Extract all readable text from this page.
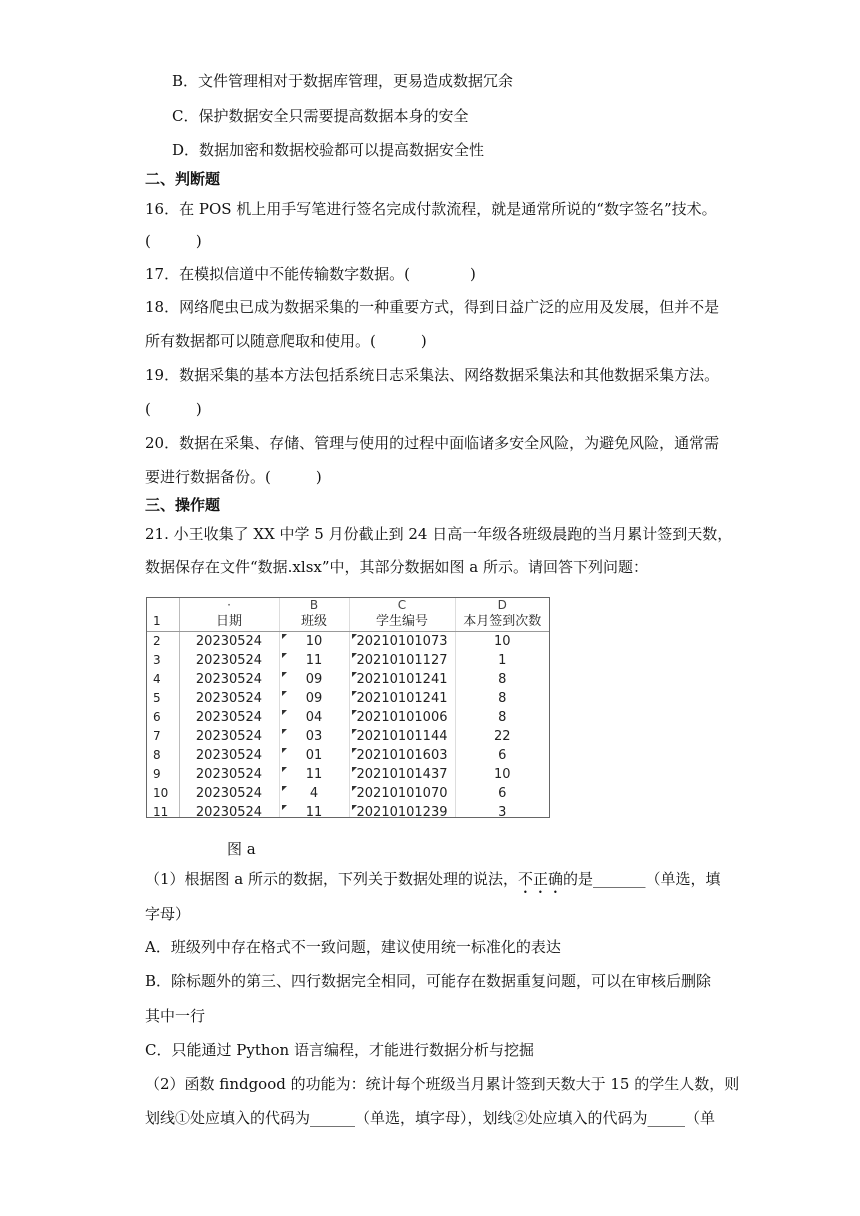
B．文件管理相对于数据库管理，更易造成数据冗余
C．保护数据安全只需要提高数据本身的安全
D．数据加密和数据校验都可以提高数据安全性
二、判断题
16．在 POS 机上用手写笔进行签名完成付款流程，就是通常所说的“数字签名”技术。
(　　　)
17．在模拟信道中不能传输数字数据。(　　　　)
18．网络爬虫已成为数据采集的一种重要方式，得到日益广泛的应用及发展，但并不是
所有数据都可以随意爬取和使用。(　　　)
19．数据采集的基本方法包括系统日志采集法、网络数据采集法和其他数据采集方法。
(　　　)
20．数据在采集、存储、管理与使用的过程中面临诸多安全风险，为避免风险，通常需
要进行数据备份。(　　　)
三、操作题
21. 小王收集了 XX 中学 5 月份截止到 24 日高一年级各班级晨跑的当月累计签到天数，
数据保存在文件“数据.xlsx”中，其部分数据如图 a 所示。请回答下列问题：
	·	B	C	D
1	日期	班级	学生编号	本月签到次数
2	20230524	10	20210101073	10
3	20230524	11	20210101127	1
4	20230524	09	20210101241	8
5	20230524	09	20210101241	8
6	20230524	04	20210101006	8
7	20230524	03	20210101144	22
8	20230524	01	20210101603	6
9	20230524	11	20210101437	10
10	20230524	4	20210101070	6
11	20230524	11	20210101239	3
图 a
（1）根据图 a 所示的数据，下列关于数据处理的说法，不正确的是_______（单选，填
字母）
A．班级列中存在格式不一致问题，建议使用统一标准化的表达
B．除标题外的第三、四行数据完全相同，可能存在数据重复问题，可以在审核后删除
其中一行
C．只能通过 Python 语言编程，才能进行数据分析与挖掘
（2）函数 findgood 的功能为：统计每个班级当月累计签到天数大于 15 的学生人数，则
划线①处应填入的代码为______（单选，填字母），划线②处应填入的代码为_____（单
